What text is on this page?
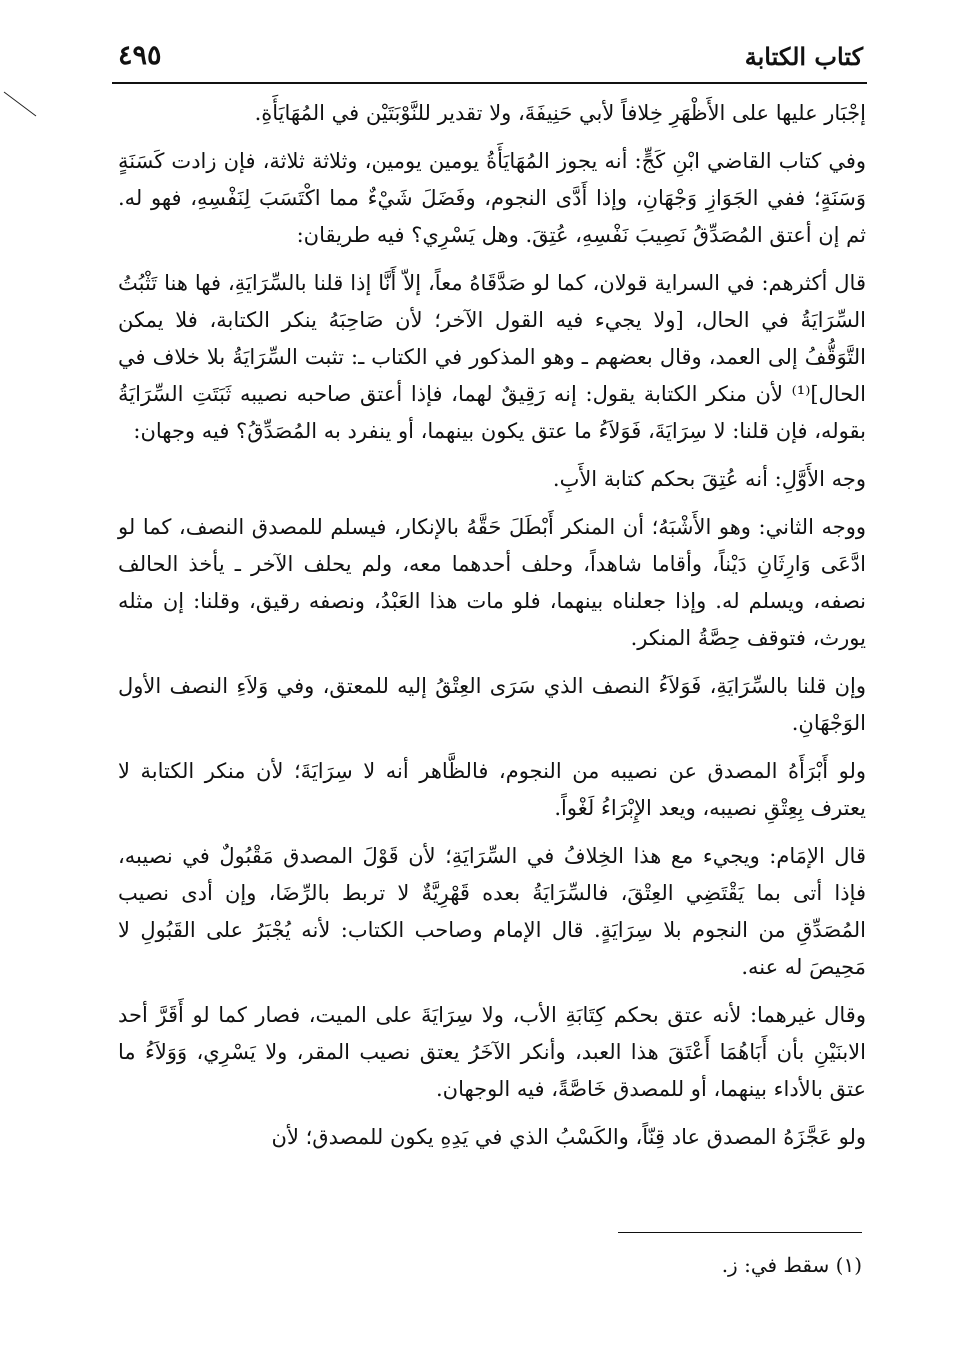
كتاب الكتابة
٤٩٥

إجْبَار عليها على الأَظْهَرِ خِلافاً لأبي حَنِيفَةَ، ولا تقدير للنَّوْبَتَيْن في المُهَايَأَةِ.

وفي كتاب القاضي ابْنِ كَجٍّ: أنه يجوز المُهَايَأَةُ يومين يومين، وثلاثة ثلاثة، فإن زادت كَسَنَةٍ وَسَنَةٍ؛ ففي الجَوَازِ وَجْهَانِ، وإذا أَدَّى النجوم، وفَضَلَ شَيْءٌ مما اكْتَسَبَ لِنَفْسِهِ، فهو له. ثم إن أعتق المُصَدِّقُ نَصِيبَ نَفْسِهِ، عُتِقَ. وهل يَسْرِي؟ فيه طريقان:

قال أكثرهم: في السراية قولان، كما لو صَدَّقَاهُ معاً، إلاّ أَنَّا إذا قلنا بالسِّرَايَةِ، فها هنا تَثْبُتُ السِّرَايَةُ في الحال، [ولا يجيء فيه القول الآخر؛ لأن صَاحِبَهُ ينكر الكتابة، فلا يمكن التَّوَقُّفُ إلى العمد، وقال بعضهم ـ وهو المذكور في الكتاب ـ: تثبت السِّرَايَةُ بلا خلاف في الحال]⁽¹⁾ لأن منكر الكتابة يقول: إنه رَقِيقٌ لهما، فإذا أعتق صاحبه نصيبه ثَبَتَتِ السِّرَايَةُ بقوله، فإن قلنا: لا سِرَايَةَ، فَوَلاَءُ ما عتق يكون بينهما، أو ينفرد به المُصَدِّقُ؟ فيه وجهان:

وجه الأَوَّلِ: أنه عُتِقَ بحكم كتابة الأَبِ.

ووجه الثاني: وهو الأَشْبَهُ؛ أن المنكر أَبْطَلَ حَقَّهُ بالإنكار، فيسلم للمصدق النصف، كما لو ادَّعَى وَارِثَانِ دَيْناً، وأقاما شاهداً، وحلف أحدهما معه، ولم يحلف الآخر ـ يأخذ الحالف نصفه، ويسلم له. وإذا جعلناه بينهما، فلو مات هذا العَبْدُ، ونصفه رقيق، وقلنا: إن مثله يورث، فتوقف حِصَّةُ المنكر.

وإن قلنا بالسِّرَايَةِ، فَوَلاَءُ النصف الذي سَرَى العِتْقُ إليه للمعتق، وفي وَلاَءِ النصف الأول الوَجْهَانِ.

ولو أَبْرَأَهُ المصدق عن نصيبه من النجوم، فالظَّاهر أنه لا سِرَايَةَ؛ لأن منكر الكتابة لا يعترف بِعِتْقِ نصيبه، ويعد الإِبْرَاءُ لَغْواً.

قال الإمَام: ويجيء مع هذا الخِلافُ في السِّرَايَةِ؛ لأن قَوْلَ المصدق مَقْبُولٌ في نصيبه، فإذا أتى بما يَقْتَضِي العِتْقَ، فالسِّرَايَةُ بعده قَهْرِيَّةٌ لا تربط بالرِّضَا، وإن أدى نصيب المُصَدِّقِ من النجوم بلا سِرَايَةٍ. قال الإمام وصاحب الكتاب: لأنه يُجْبَرُ على القَبُولِ لا مَحِيصَ له عنه.

وقال غيرهما: لأنه عتق بحكم كِتَابَةِ الأب، ولا سِرَايَةَ على الميت، فصار كما لو أَقَرَّ أحد الابنَيْنِ بأن أَبَاهُمَا أَعْتَقَ هذا العبد، وأنكر الآخَرُ يعتق نصيب المقر، ولا يَسْرِي، وَوَلاَءُ ما عتق بالأداء بينهما، أو للمصدق خَاصَّةً، فيه الوجهان.

ولو عَجَّزَهُ المصدق عاد قِنّاً، والكَسْبُ الذي في يَدِهِ يكون للمصدق؛ لأن

(١) سقط في: ز.
